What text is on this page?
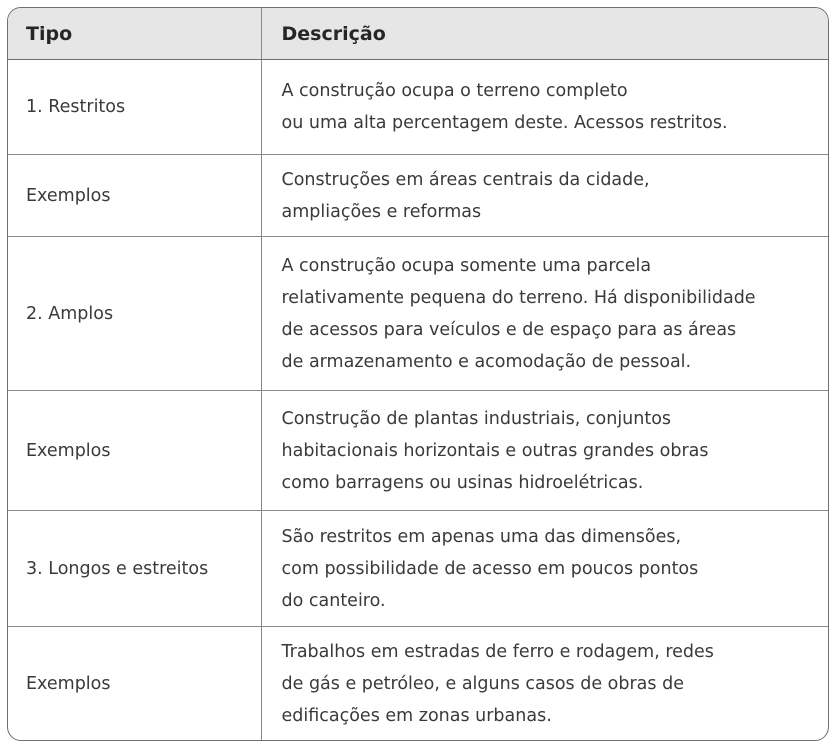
Tipo	Descrição
1. Restritos	A construção ocupa o terreno completo
ou uma alta percentagem deste. Acessos restritos.

Exemplos	Construções em áreas centrais da cidade,
ampliações e reformas

2. Amplos	A construção ocupa somente uma parcela
relativamente pequena do terreno. Há disponibilidade
de acessos para veículos e de espaço para as áreas
de armazenamento e acomodação de pessoal.

Exemplos	Construção de plantas industriais, conjuntos
habitacionais horizontais e outras grandes obras
como barragens ou usinas hidroelétricas.

3. Longos e estreitos	São restritos em apenas uma das dimensões,
com possibilidade de acesso em poucos pontos
do canteiro.

Exemplos	Trabalhos em estradas de ferro e rodagem, redes
de gás e petróleo, e alguns casos de obras de
edificações em zonas urbanas.
